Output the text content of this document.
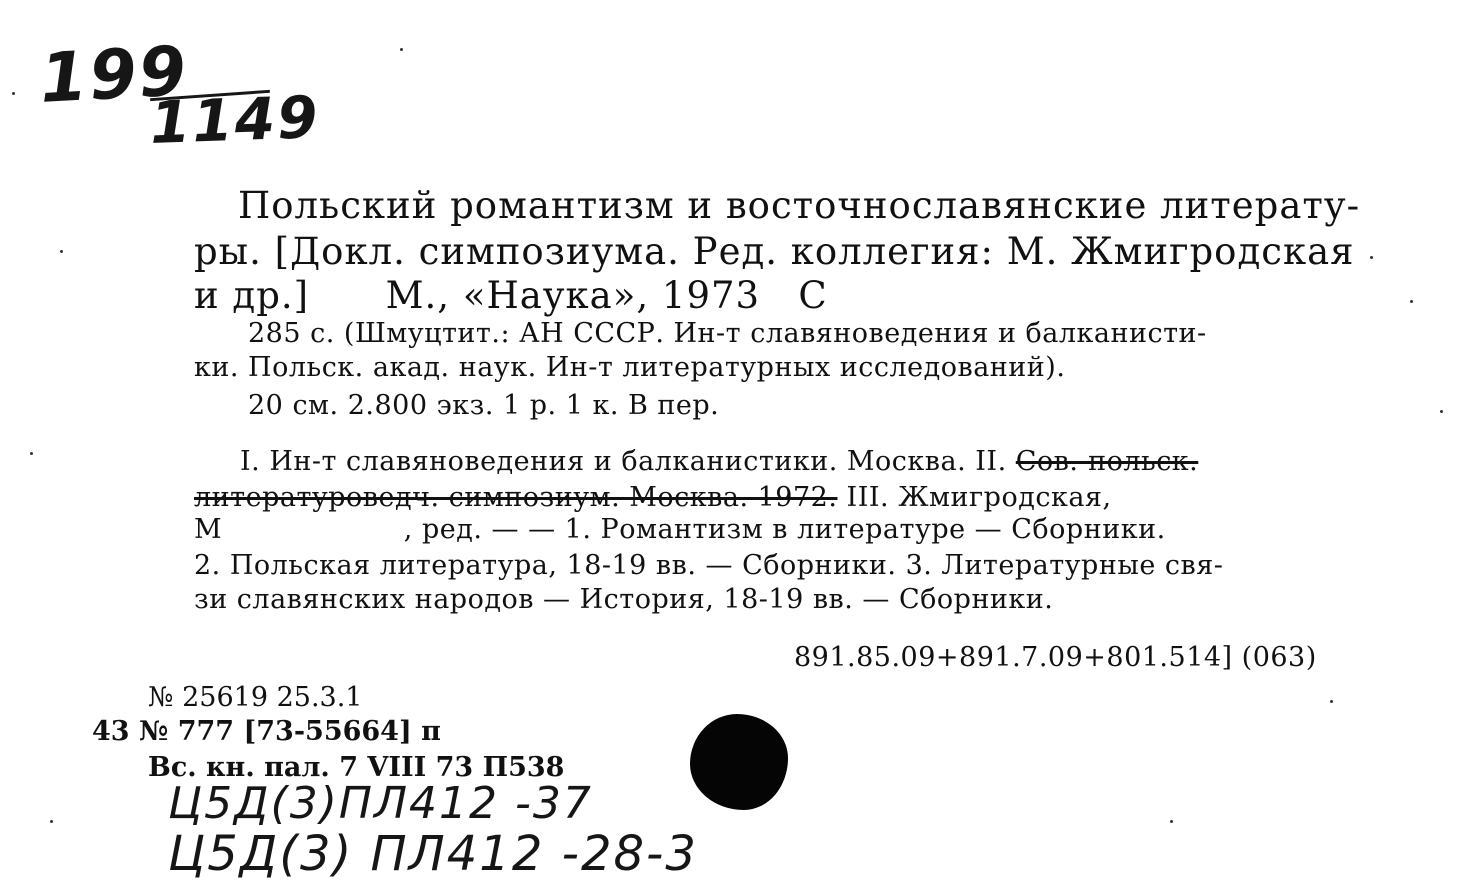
199
1149
Польский романтизм и восточнославянские литерату-
ры. [Докл. симпозиума. Ред. коллегия: М. Жмигродская
и др.]      М., «Наука», 1973   С
285 с. (Шмуцтит.: АН СССР. Ин-т славяноведения и балканисти-
ки. Польск. акад. наук. Ин-т литературных исследований).
20 см. 2.800 экз. 1 р. 1 к. В пер.
I. Ин-т славяноведения и балканистики. Москва. II. Сов.-польск.
литературоведч. симпозиум. Москва. 1972. III. Жмигродская,
М                    , ред. — — 1. Романтизм в литературе — Сборники.
2. Польская литература, 18-19 вв. — Сборники. 3. Литературные свя-
зи славянских народов — История, 18-19 вв. — Сборники.
891.85.09+891.7.09+801.514] (063)
№ 25619 25.3.1
43 № 777 [73-55664] п
Вс. кн. пал. 7 VIII 73 П538
Ц5Д(3)ПЛ412 -37
Ц5Д(3) ПЛ412 -28-3
